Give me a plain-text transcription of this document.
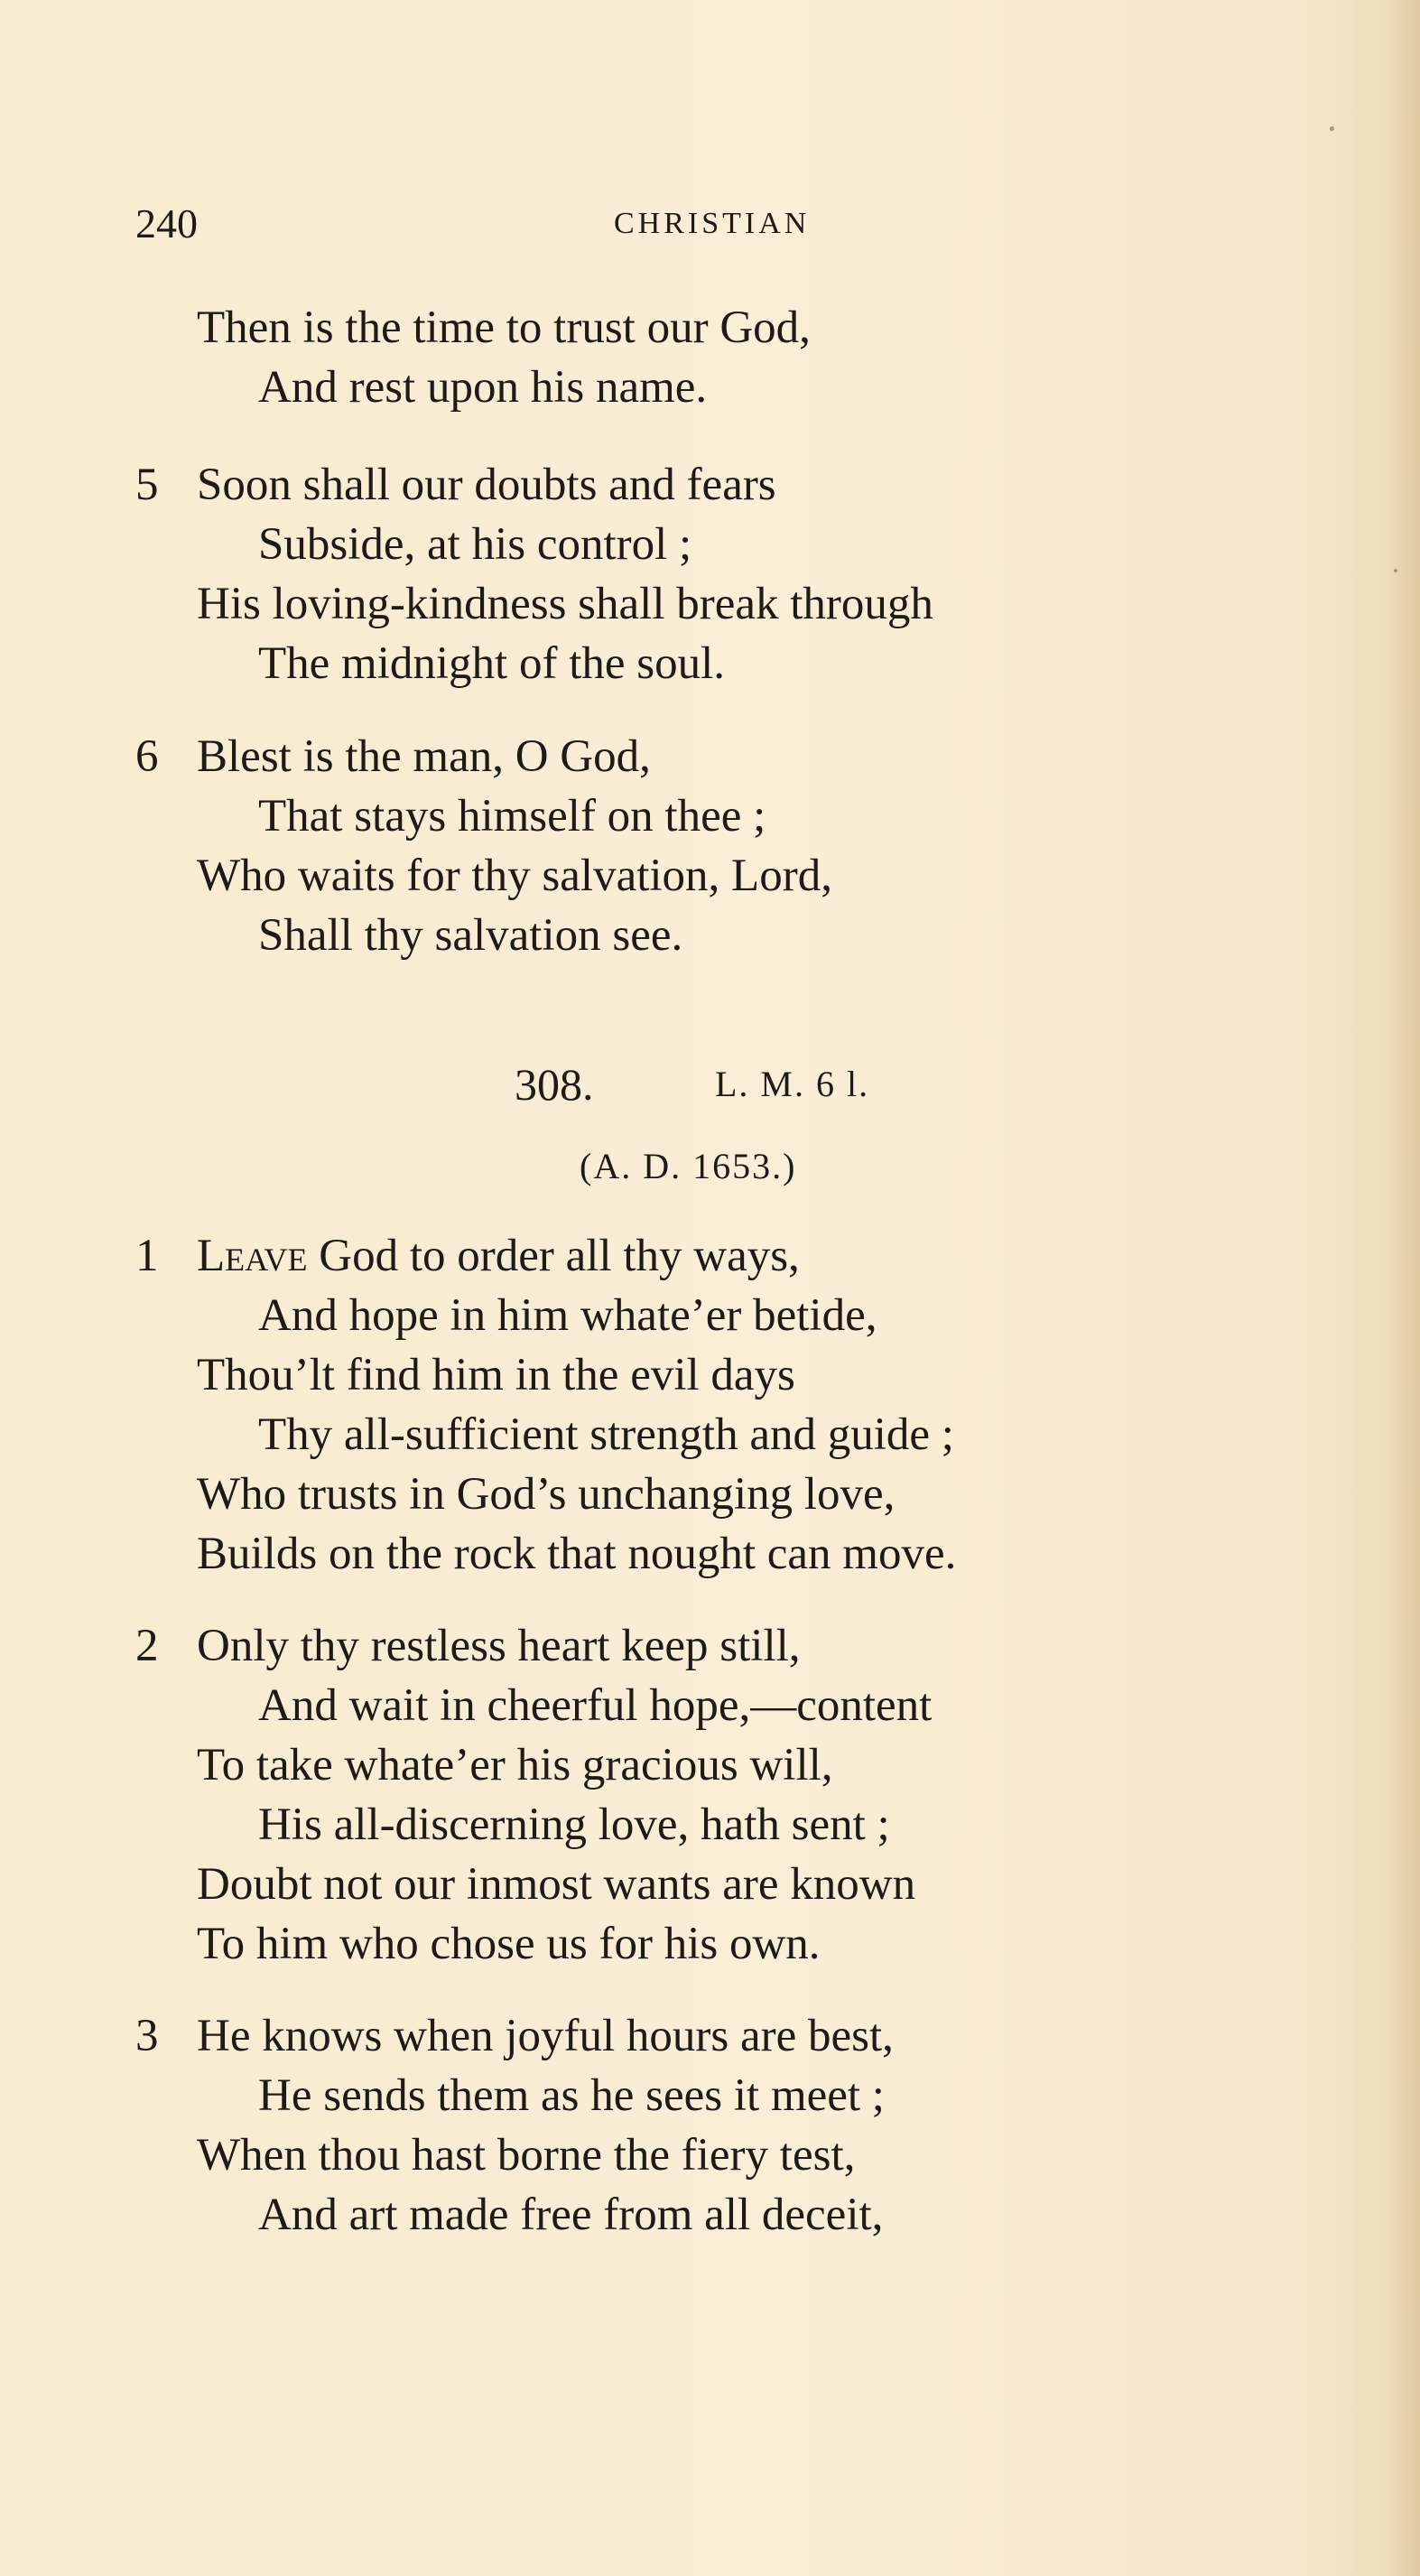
240	CHRISTIAN
Then is the time to trust our God,
And rest upon his name.
5 Soon shall our doubts and fears
Subside, at his control ;
His loving-kindness shall break through
The midnight of the soul.
6 Blest is the man, O God,
That stays himself on thee ;
Who waits for thy salvation, Lord,
Shall thy salvation see.
308.	L. M. 6 l.
(A. D. 1653.)
1 Leave God to order all thy ways,
And hope in him whate’er betide,
Thou’lt find him in the evil days
Thy all-sufficient strength and guide ;
Who trusts in God’s unchanging love,
Builds on the rock that nought can move.
2 Only thy restless heart keep still,
And wait in cheerful hope,—content
To take whate’er his gracious will,
His all-discerning love, hath sent ;
Doubt not our inmost wants are known
To him who chose us for his own.
3 He knows when joyful hours are best,
He sends them as he sees it meet ;
When thou hast borne the fiery test,
And art made free from all deceit,
